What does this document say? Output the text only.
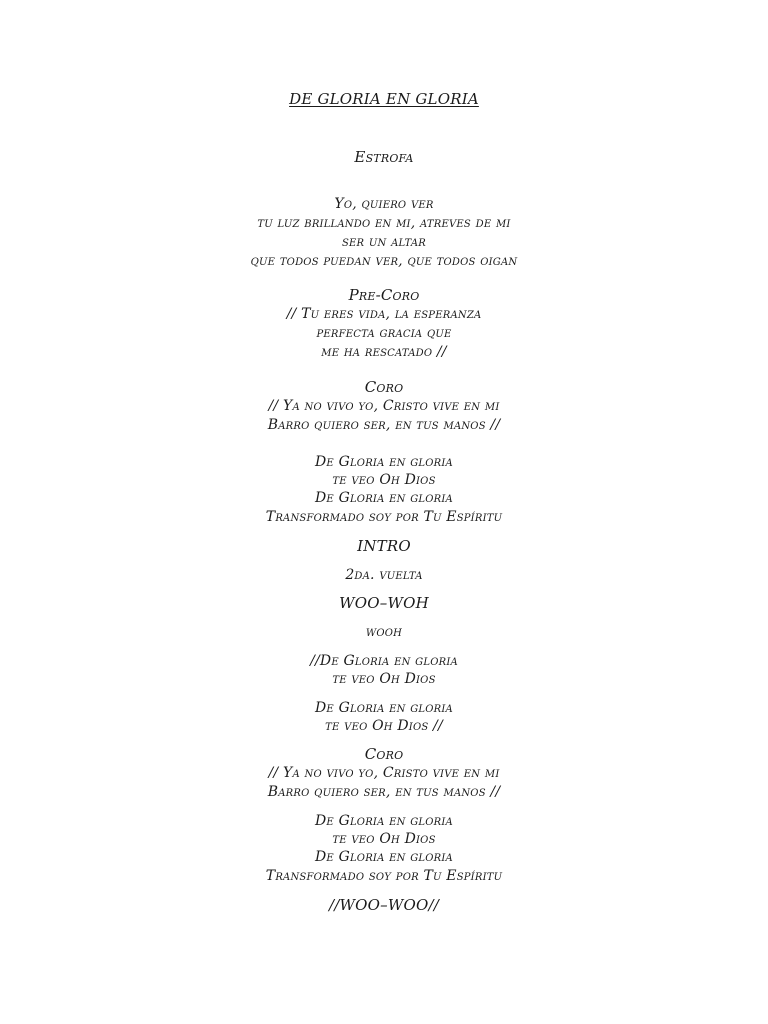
DE GLORIA EN GLORIA
Estrofa
Yo, quiero ver
tu luz brillando en mi, atreves de mi
ser un altar
que todos puedan ver, que todos oigan
Pre-Coro
// Tu eres vida, la esperanza
perfecta gracia que
me ha rescatado //
Coro
// Ya no vivo yo, Cristo vive en mi
Barro quiero ser, en tus manos //
De Gloria en gloria
te veo Oh Dios
De Gloria en gloria
Transformado soy por Tu Espíritu
INTRO
2da. vuelta
WOO–WOH
wooh
//De Gloria en gloria
te veo Oh Dios
De Gloria en gloria
te veo Oh Dios //
Coro
// Ya no vivo yo, Cristo vive en mi
Barro quiero ser, en tus manos //
De Gloria en gloria
te veo Oh Dios
De Gloria en gloria
Transformado soy por Tu Espíritu
//WOO–WOO//
